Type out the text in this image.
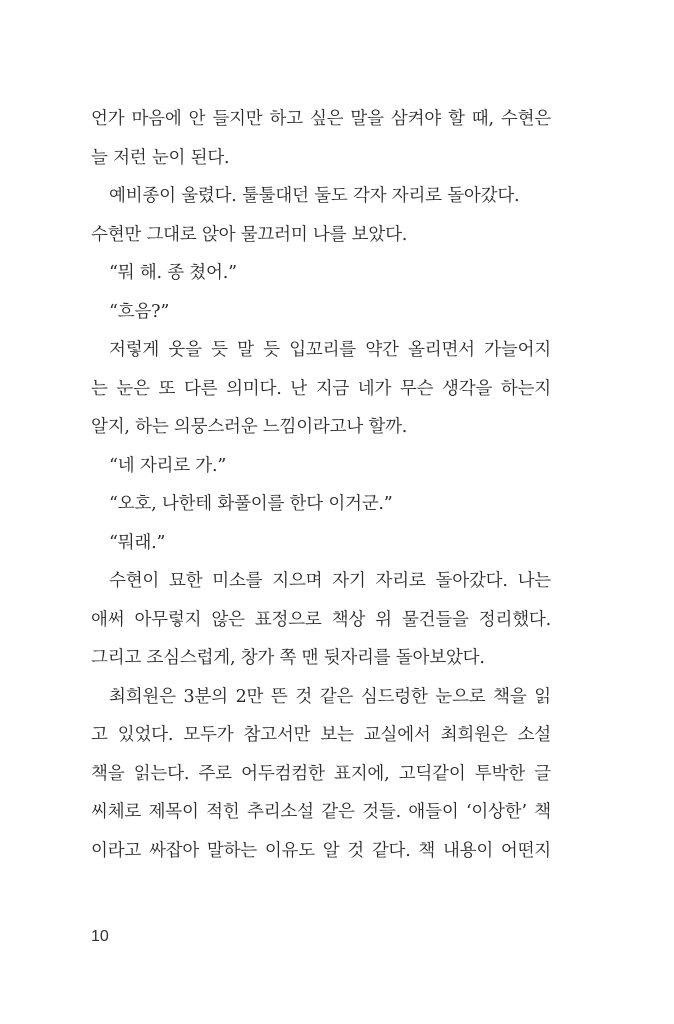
언가 마음에 안 들지만 하고 싶은 말을 삼켜야 할 때, 수현은
늘 저런 눈이 된다.
예비종이 울렸다. 툴툴대던 둘도 각자 자리로 돌아갔다.
수현만 그대로 앉아 물끄러미 나를 보았다.
“뭐 해. 종 쳤어.”
“흐음?”
저렇게 웃을 듯 말 듯 입꼬리를 약간 올리면서 가늘어지
는 눈은 또 다른 의미다. 난 지금 네가 무슨 생각을 하는지
알지, 하는 의뭉스러운 느낌이라고나 할까.
“네 자리로 가.”
“오호, 나한테 화풀이를 한다 이거군.”
“뭐래.”
수현이 묘한 미소를 지으며 자기 자리로 돌아갔다. 나는
애써 아무렇지 않은 표정으로 책상 위 물건들을 정리했다.
그리고 조심스럽게, 창가 쪽 맨 뒷자리를 돌아보았다.
최희원은 3분의 2만 뜬 것 같은 심드렁한 눈으로 책을 읽
고 있었다. 모두가 참고서만 보는 교실에서 최희원은 소설
책을 읽는다. 주로 어두컴컴한 표지에, 고딕같이 투박한 글
씨체로 제목이 적힌 추리소설 같은 것들. 애들이 ‘이상한’ 책
이라고 싸잡아 말하는 이유도 알 것 같다. 책 내용이 어떤지
10
